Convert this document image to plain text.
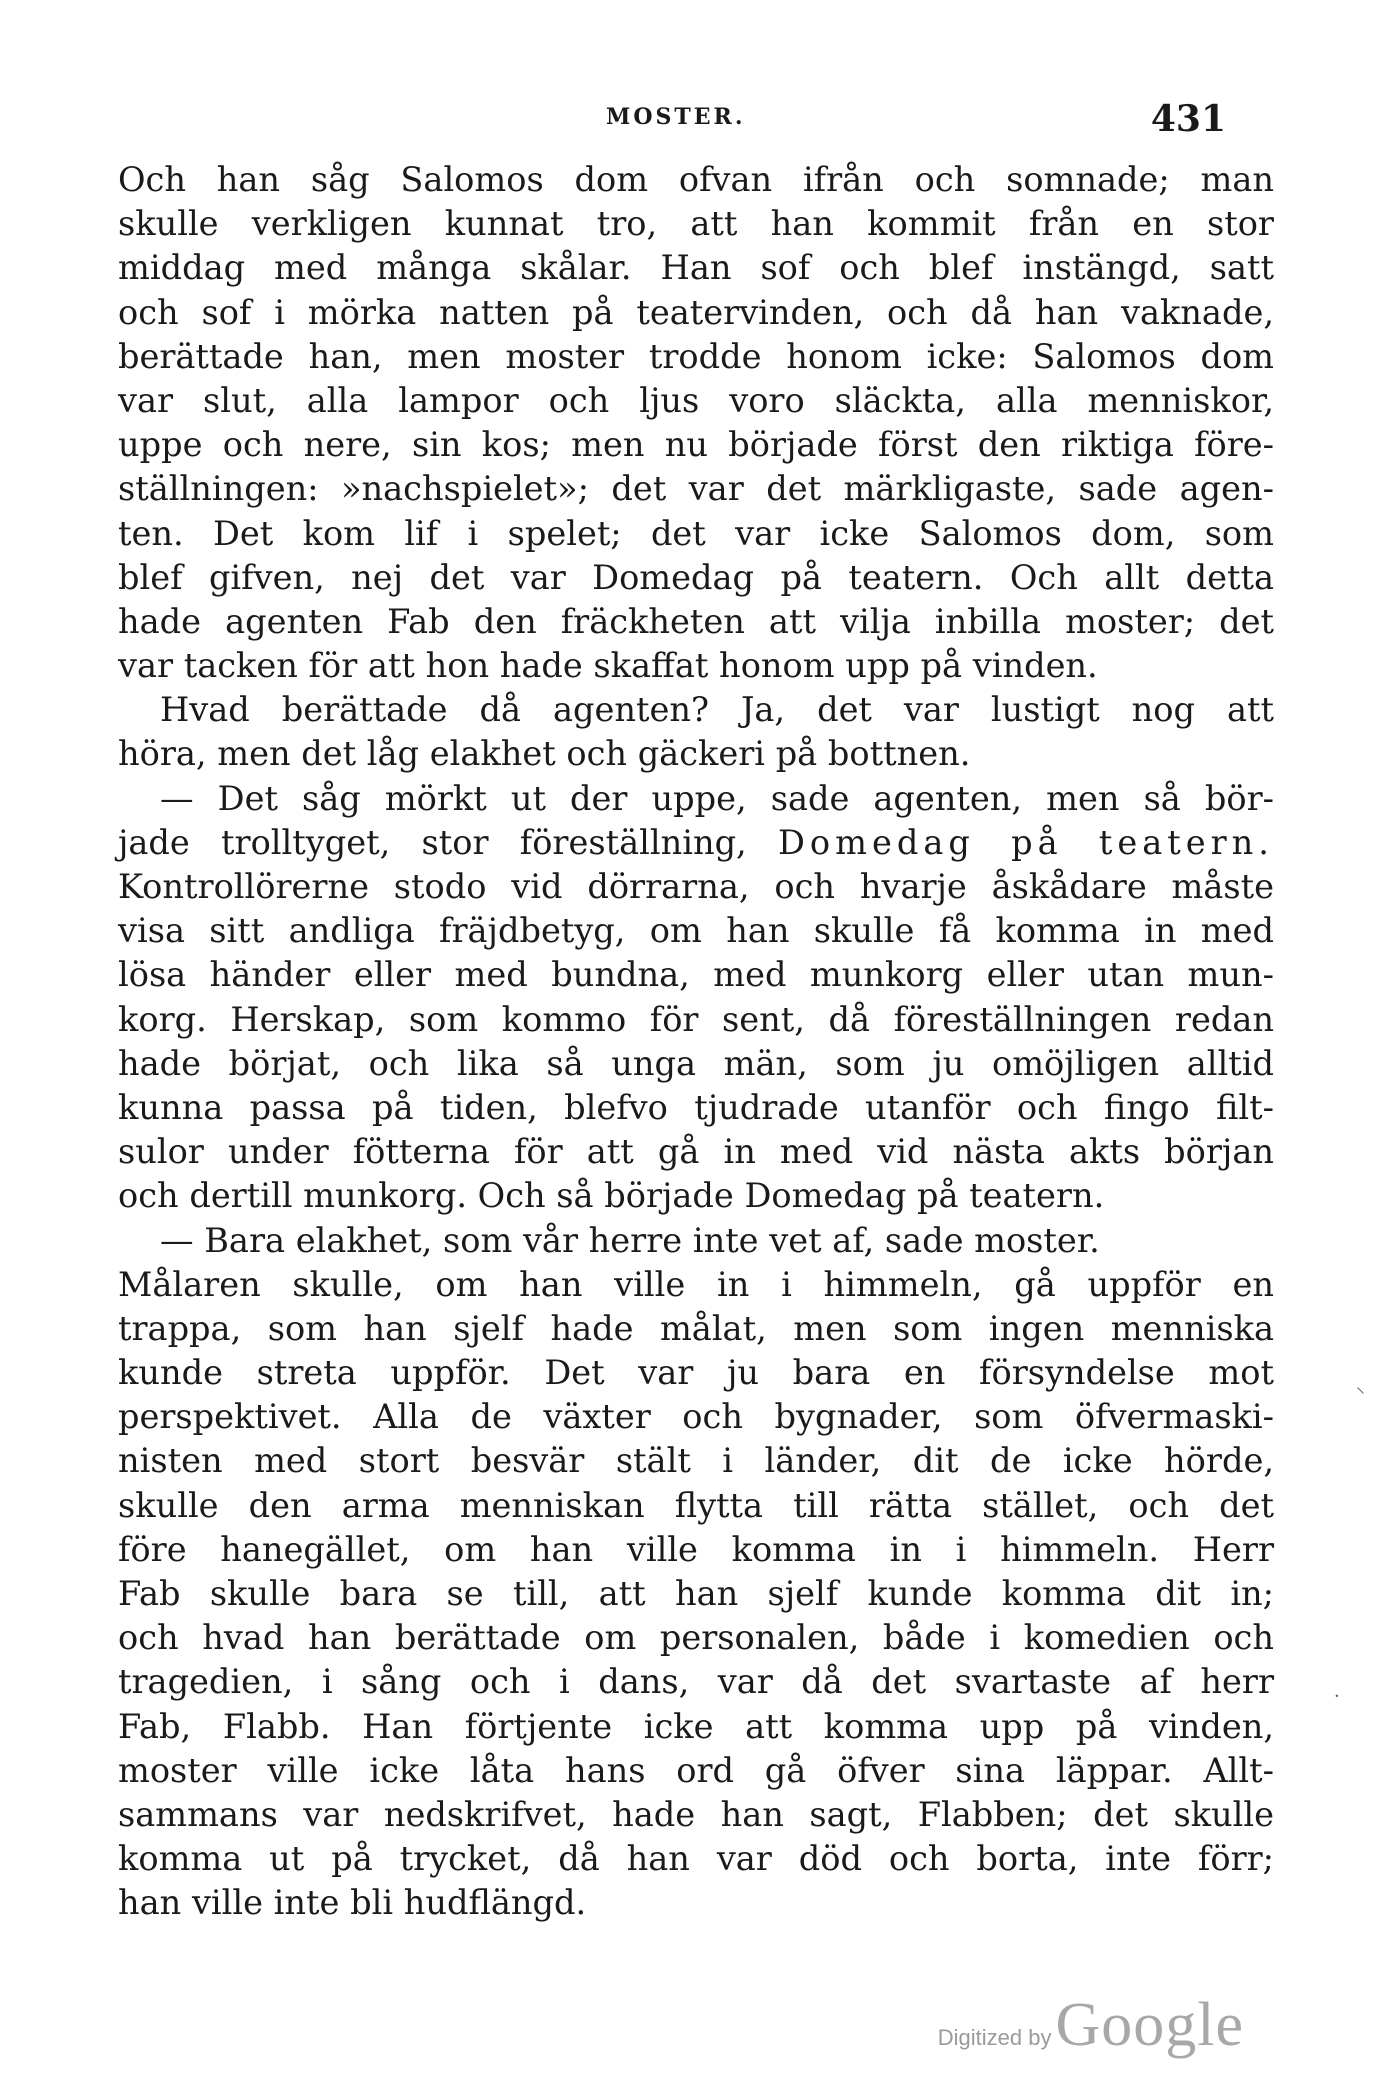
MOSTER.	431
Och han såg Salomos dom ofvan ifrån och somnade; man
skulle verkligen kunnat tro, att han kommit från en stor
middag med många skålar. Han sof och blef instängd, satt
och sof i mörka natten på teatervinden, och då han vaknade,
berättade han, men moster trodde honom icke: Salomos dom
var slut, alla lampor och ljus voro släckta, alla menniskor,
uppe och nere, sin kos; men nu började först den riktiga före-
ställningen: »nachspielet»; det var det märkligaste, sade agen-
ten. Det kom lif i spelet; det var icke Salomos dom, som
blef gifven, nej det var Domedag på teatern. Och allt detta
hade agenten Fab den fräckheten att vilja inbilla moster; det
var tacken för att hon hade skaffat honom upp på vinden.
Hvad berättade då agenten? Ja, det var lustigt nog att
höra, men det låg elakhet och gäckeri på bottnen.
— Det såg mörkt ut der uppe, sade agenten, men så bör-
jade trolltyget, stor föreställning, Domedag på teatern.
Kontrollörerne stodo vid dörrarna, och hvarje åskådare måste
visa sitt andliga fräjdbetyg, om han skulle få komma in med
lösa händer eller med bundna, med munkorg eller utan mun-
korg. Herskap, som kommo för sent, då föreställningen redan
hade börjat, och lika så unga män, som ju omöjligen alltid
kunna passa på tiden, blefvo tjudrade utanför och fingo filt-
sulor under fötterna för att gå in med vid nästa akts början
och dertill munkorg. Och så började Domedag på teatern.
— Bara elakhet, som vår herre inte vet af, sade moster.
Målaren skulle, om han ville in i himmeln, gå uppför en
trappa, som han sjelf hade målat, men som ingen menniska
kunde streta uppför. Det var ju bara en försyndelse mot
perspektivet. Alla de växter och bygnader, som öfvermaski-
nisten med stort besvär stält i länder, dit de icke hörde,
skulle den arma menniskan flytta till rätta stället, och det
före hanegället, om han ville komma in i himmeln. Herr
Fab skulle bara se till, att han sjelf kunde komma dit in;
och hvad han berättade om personalen, både i komedien och
tragedien, i sång och i dans, var då det svartaste af herr
Fab, Flabb. Han förtjente icke att komma upp på vinden,
moster ville icke låta hans ord gå öfver sina läppar. Allt-
sammans var nedskrifvet, hade han sagt, Flabben; det skulle
komma ut på trycket, då han var död och borta, inte förr;
han ville inte bli hudflängd.
⸌
·
Digitized by Google
